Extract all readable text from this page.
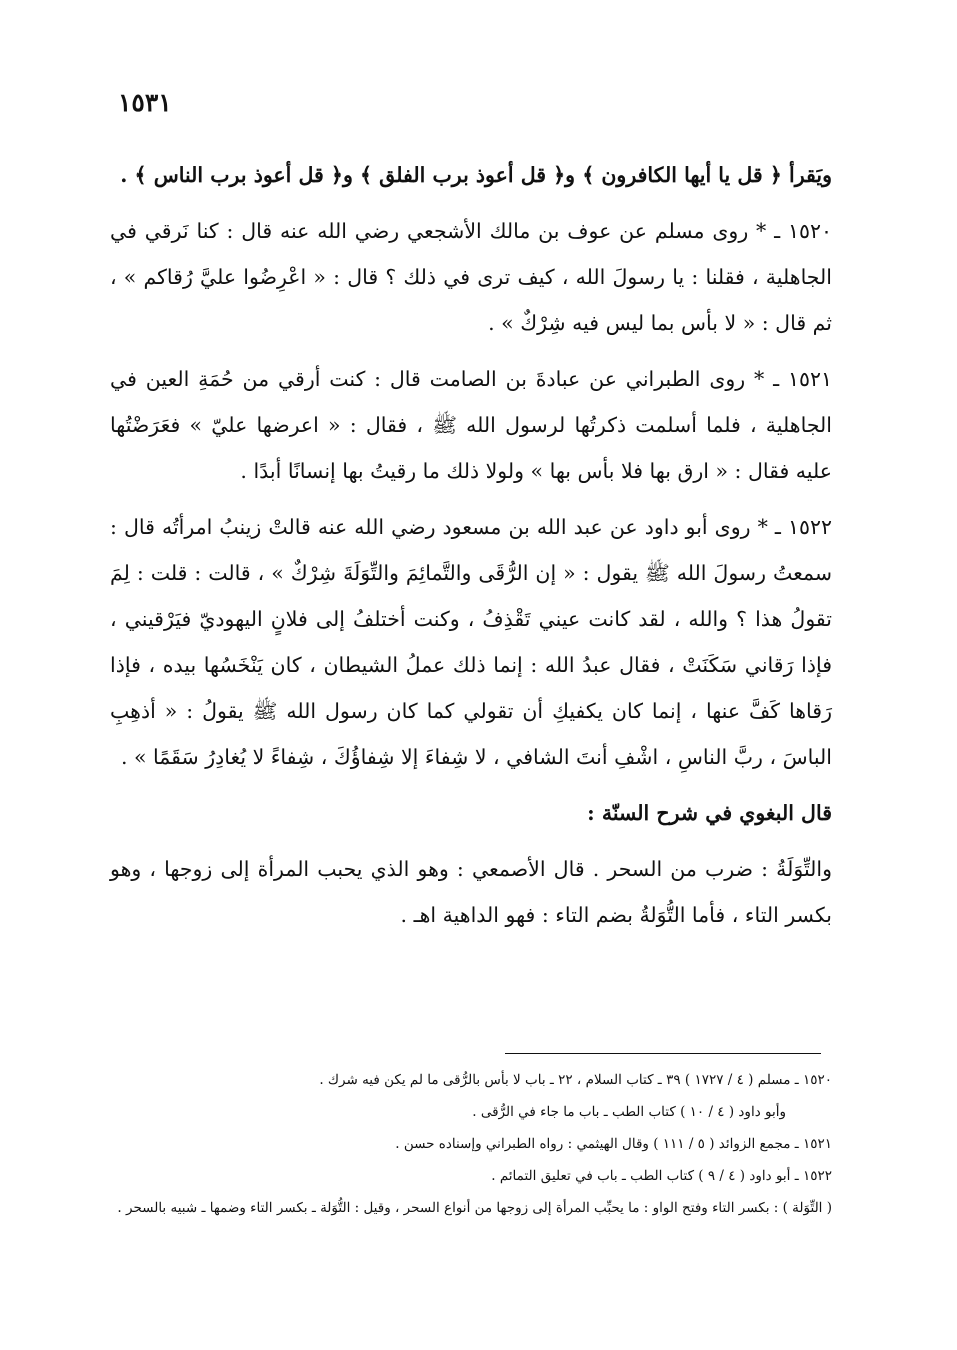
١٥٣١

ويَقرأ ﴿ قل يا أيها الكافرون ﴾ و﴿ قل أعوذ برب الفلق ﴾ و﴿ قل أعوذ برب الناس ﴾ .

١٥٢٠ ـ * روى مسلم عن عوف بن مالك الأشجعي رضي الله عنه قال : كنا نَرقي في الجاهلية ، فقلنا : يا رسولَ الله ، كيف ترى في ذلك ؟ قال : « اعْرِضُوا عليَّ رُقاكم » ، ثم قال : « لا بأس بما ليس فيه شِرْكٌ » .

١٥٢١ ـ * روى الطبراني عن عبادةَ بن الصامت قال : كنت أرقي من حُمَةِ العين في الجاهلية ، فلما أسلمت ذكرتُها لرسول الله ﷺ ، فقال : « اعرضها عليّ » فعَرَضْتُها عليه فقال : « ارق بها فلا بأس بها » ولولا ذلك ما رقيتُ بها إنسانًا أبدًا .

١٥٢٢ ـ * روى أبو داود عن عبد الله بن مسعود رضي الله عنه قالتْ زينبُ امرأتُه قال : سمعتُ رسولَ الله ﷺ يقول : « إن الرُّقَى والتَّمائِمَ والتِّوَلَةَ شِرْكٌ » ، قالت : قلت : لِمَ تقولُ هذا ؟ والله ، لقد كانت عيني تَقْذِفُ ، وكنت أختلفُ إلى فلانٍ اليهوديّ فيَرْقيني ، فإذا رَقاني سَكَنَتْ ، فقال عبدُ الله : إنما ذلك عملُ الشيطان ، كان يَنْخَسُها بيده ، فإذا رَقاها كَفَّ عنها ، إنما كان يكفيكِ أن تقولي كما كان رسول الله ﷺ يقولُ : « أذهِبِ الباسَ ، ربَّ الناسِ ، اشْفِ أنتَ الشافي ، لا شِفاءَ إلا شِفاؤُكَ ، شِفاءً لا يُغادِرُ سَقَمًا » .

قال البغوي في شرح السنّة :

والتِّوَلَةُ : ضرب من السحر . قال الأصمعي : وهو الذي يحبب المرأة إلى زوجها ، وهو بكسر التاء ، فأما التُّوَلةُ بضم التاء : فهو الداهية اهـ .

١٥٢٠ ـ مسلم ( ٤ / ١٧٢٧ ) ٣٩ ـ كتاب السلام ، ٢٢ ـ باب لا بأس بالرُّقى ما لم يكن فيه شرك .

وأبو داود ( ٤ / ١٠ ) كتاب الطب ـ باب ما جاء في الرُّقى .

١٥٢١ ـ مجمع الزوائد ( ٥ / ١١١ ) وقال الهيثمي : رواه الطبراني وإسناده حسن .

١٥٢٢ ـ أبو داود ( ٤ / ٩ ) كتاب الطب ـ باب في تعليق التمائم .

( التِّوَلة ) : بكسر التاء وفتح الواو : ما يحبِّب المرأة إلى زوجها من أنواع السحر ، وقيل : التُّوَلة ـ بكسر التاء وضمها ـ شبيه بالسحر .
